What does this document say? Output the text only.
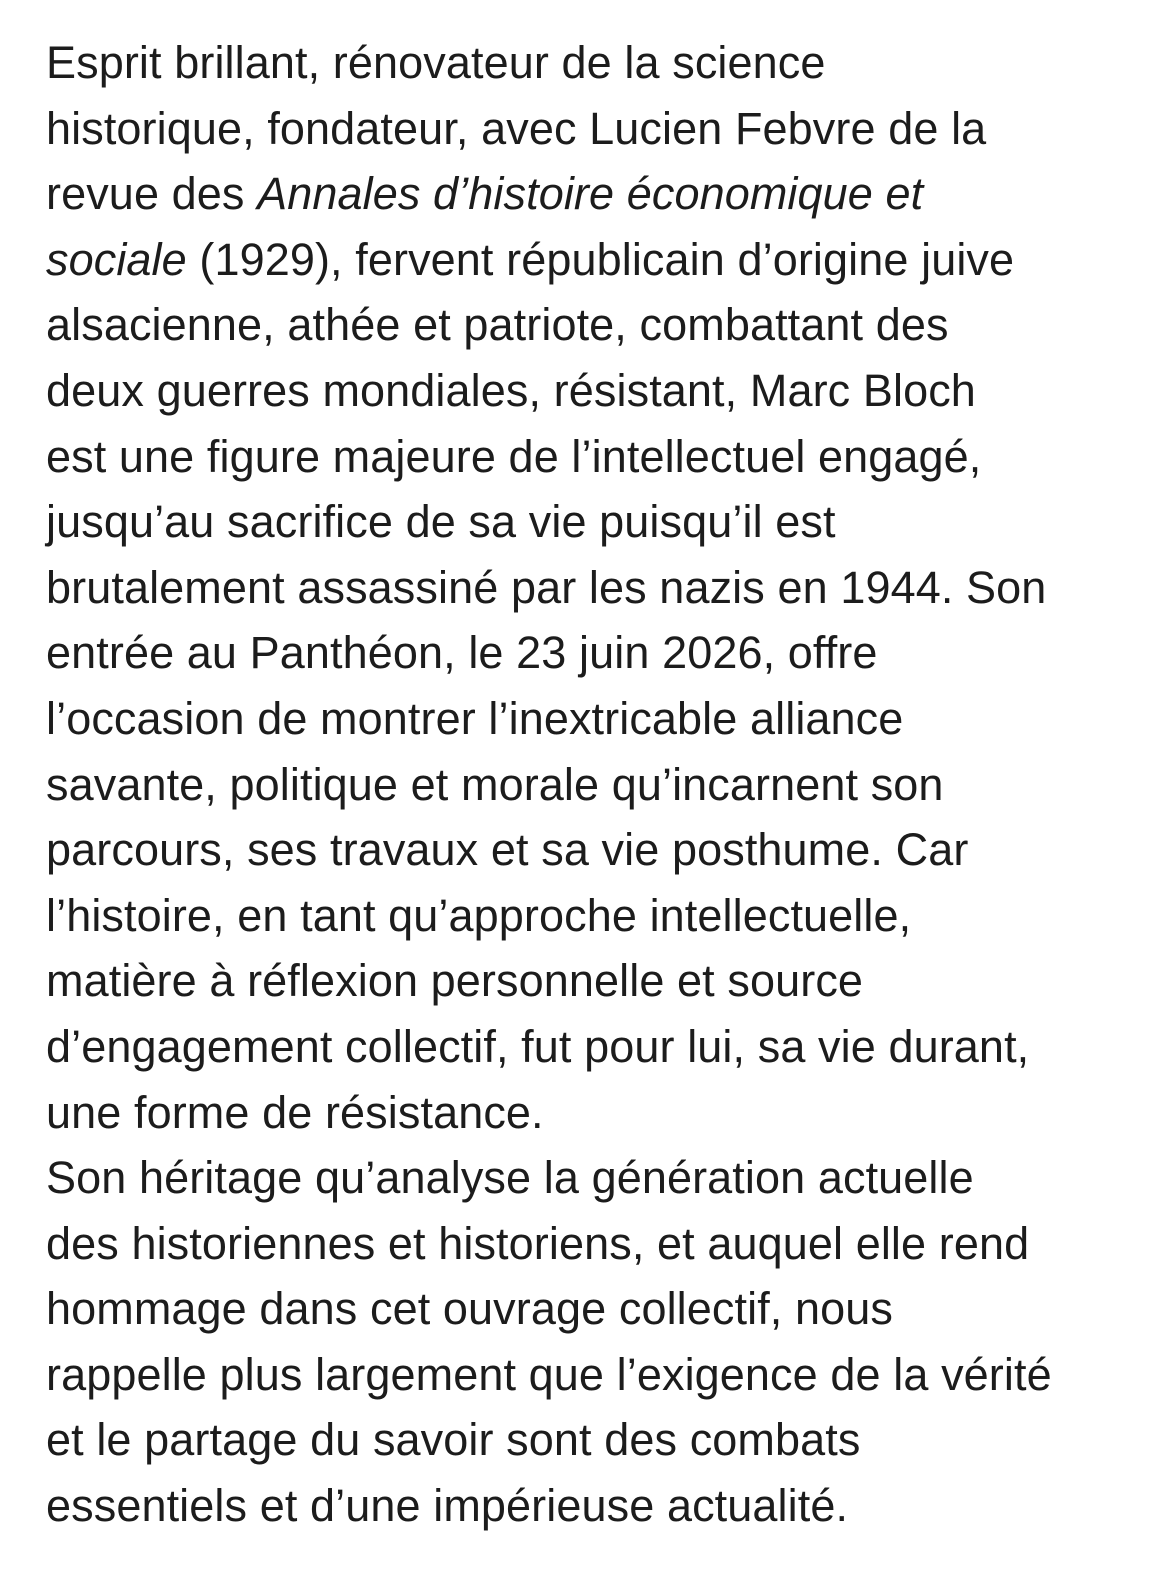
Esprit brillant, rénovateur de la science
historique, fondateur, avec Lucien Febvre de la
revue des Annales d’histoire économique et
sociale (1929), fervent républicain d’origine juive
alsacienne, athée et patriote, combattant des
deux guerres mondiales, résistant, Marc Bloch
est une figure majeure de l’intellectuel engagé,
jusqu’au sacrifice de sa vie puisqu’il est
brutalement assassiné par les nazis en 1944. Son
entrée au Panthéon, le 23 juin 2026, offre
l’occasion de montrer l’inextricable alliance
savante, politique et morale qu’incarnent son
parcours, ses travaux et sa vie posthume. Car
l’histoire, en tant qu’approche intellectuelle,
matière à réflexion personnelle et source
d’engagement collectif, fut pour lui, sa vie durant,
une forme de résistance.
Son héritage qu’analyse la génération actuelle
des historiennes et historiens, et auquel elle rend
hommage dans cet ouvrage collectif, nous
rappelle plus largement que l’exigence de la vérité
et le partage du savoir sont des combats
essentiels et d’une impérieuse actualité.
